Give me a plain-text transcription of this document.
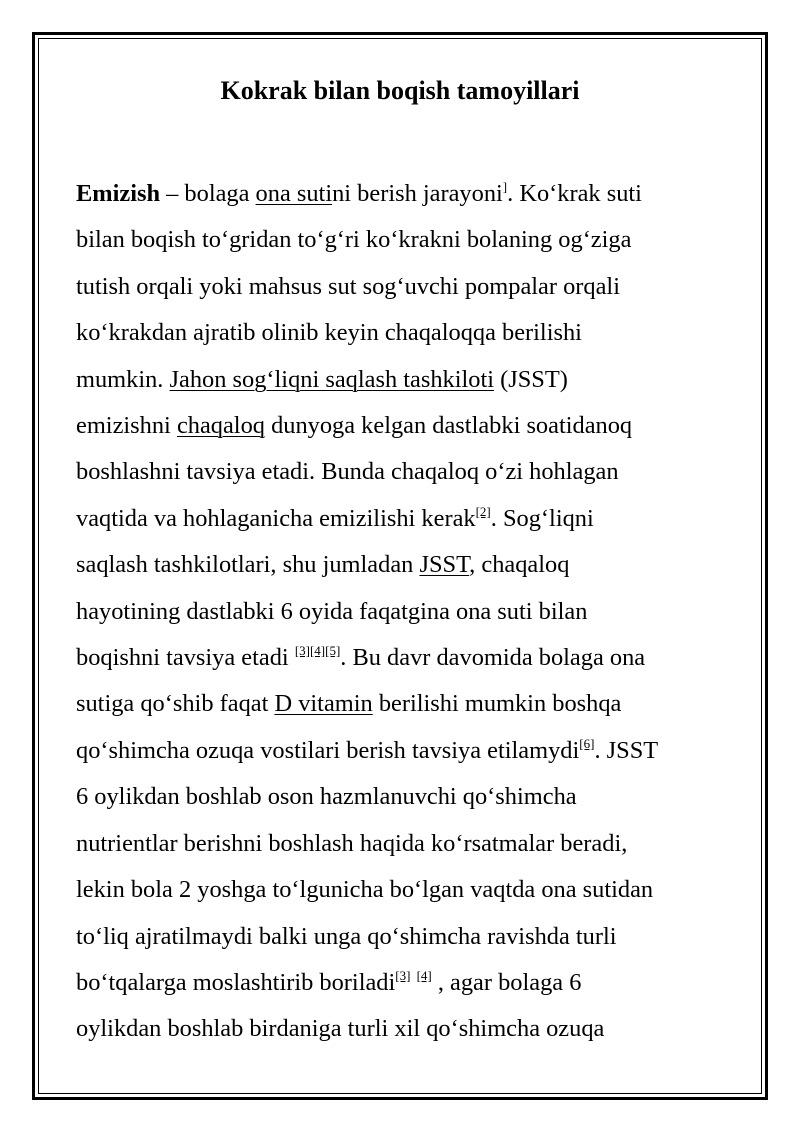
Kokrak bilan boqish tamoyillari
Emizish – bolaga ona sutini berish jarayoni]. Ko‘krak suti
bilan boqish to‘gridan to‘g‘ri ko‘krakni bolaning og‘ziga
tutish orqali yoki mahsus sut sog‘uvchi pompalar orqali
ko‘krakdan ajratib olinib keyin chaqaloqqa berilishi
mumkin. Jahon sog‘liqni saqlash tashkiloti (JSST)
emizishni chaqaloq dunyoga kelgan dastlabki soatidanoq
boshlashni tavsiya etadi. Bunda chaqaloq o‘zi hohlagan
vaqtida va hohlaganicha emizilishi kerak[2]. Sog‘liqni
saqlash tashkilotlari, shu jumladan JSST, chaqaloq
hayotining dastlabki 6 oyida faqatgina ona suti bilan
boqishni tavsiya etadi [3][4][5]. Bu davr davomida bolaga ona
sutiga qo‘shib faqat D vitamin berilishi mumkin boshqa
qo‘shimcha ozuqa vostilari berish tavsiya etilamydi[6]. JSST
6 oylikdan boshlab oson hazmlanuvchi qo‘shimcha
nutrientlar berishni boshlash haqida ko‘rsatmalar beradi,
lekin bola 2 yoshga to‘lgunicha bo‘lgan vaqtda ona sutidan
to‘liq ajratilmaydi balki unga qo‘shimcha ravishda turli
bo‘tqalarga moslashtirib boriladi[3] [4] , agar bolaga 6
oylikdan boshlab birdaniga turli xil qo‘shimcha ozuqa
